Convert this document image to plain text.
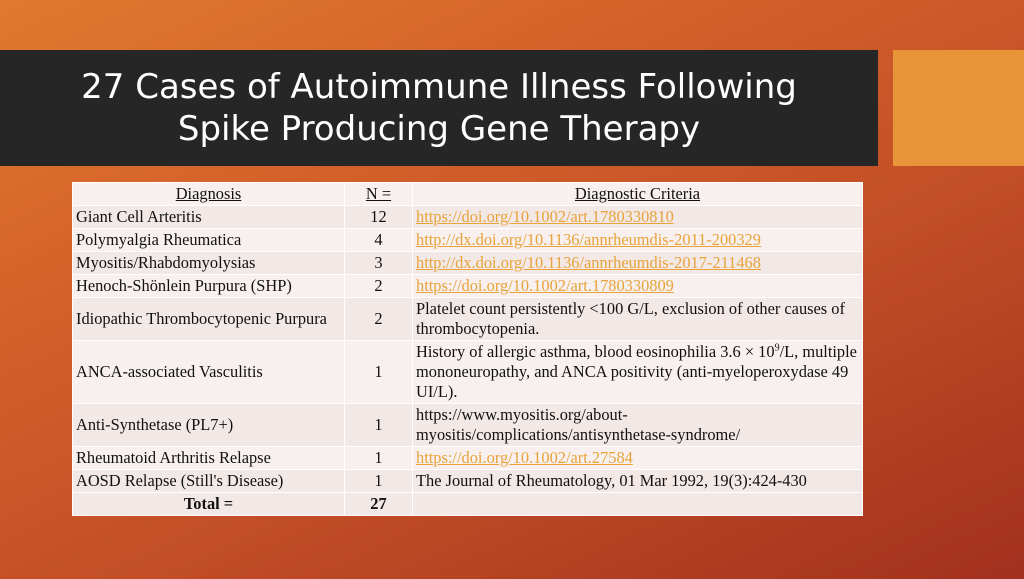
27 Cases of Autoimmune Illness Following
Spike Producing Gene Therapy
Diagnosis	N =	Diagnostic Criteria
Giant Cell Arteritis	12	https://doi.org/10.1002/art.1780330810
Polymyalgia Rheumatica	4	http://dx.doi.org/10.1136/annrheumdis-2011-200329
Myositis/Rhabdomyolysias	3	http://dx.doi.org/10.1136/annrheumdis-2017-211468
Henoch-Shönlein Purpura (SHP)	2	https://doi.org/10.1002/art.1780330809
Idiopathic Thrombocytopenic Purpura	2	Platelet count persistently <100 G/L, exclusion of other causes of thrombocytopenia.
ANCA-associated Vasculitis	1	History of allergic asthma, blood eosinophilia $3.6 \times 10^9/L$, multiple mononeuropathy, and ANCA positivity (anti-myeloperoxydase 49 UI/L).
Anti-Synthetase (PL7+)	1	https://www.myositis.org/about-myositis/complications/antisynthetase-syndrome/
Rheumatoid Arthritis Relapse	1	https://doi.org/10.1002/art.27584
AOSD Relapse (Still's Disease)	1	The Journal of Rheumatology, 01 Mar 1992, 19(3):424-430
Total =	27	
